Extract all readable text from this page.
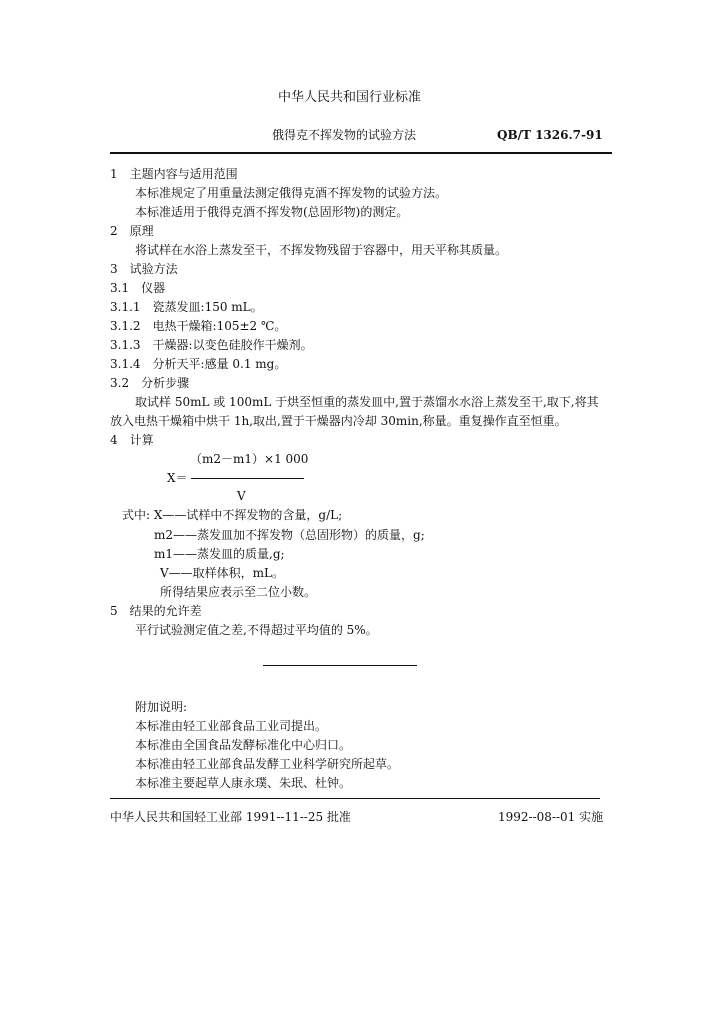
中华人民共和国行业标准
俄得克不挥发物的试验方法	QB/T 1326.7-91
1　主题内容与适用范围
本标准规定了用重量法测定俄得克酒不挥发物的试验方法。
本标准适用于俄得克酒不挥发物(总固形物)的测定。
2　原理
将试样在水浴上蒸发至干，不挥发物残留于容器中，用天平称其质量。
3　试验方法
3.1　仪器
3.1.1　瓷蒸发皿:150 mL。
3.1.2　电热干燥箱:105±2 ℃。
3.1.3　干燥器:以变色硅胶作干燥剂。
3.1.4　分析天平:感量 0.1 mg。
3.2　分析步骤
取试样 50mL 或 100mL 于烘至恒重的蒸发皿中,置于蒸馏水水浴上蒸发至干,取下,将其
放入电热干燥箱中烘干 1h,取出,置于干燥器内冷却 30min,称量。重复操作直至恒重。
4　计算
（m2－m1）×1 000
X＝
V
式中: X——试样中不挥发物的含量，g/L;
m2——蒸发皿加不挥发物（总固形物）的质量，g;
m1——蒸发皿的质量,g;
V——取样体积，mL。
所得结果应表示至二位小数。
5　结果的允许差
平行试验测定值之差,不得超过平均值的 5%。
附加说明:
本标准由轻工业部食品工业司提出。
本标准由全国食品发酵标准化中心归口。
本标准由轻工业部食品发酵工业科学研究所起草。
本标准主要起草人康永璞、朱珉、杜钟。
中华人民共和国轻工业部 1991--11--25 批准	1992--08--01 实施
